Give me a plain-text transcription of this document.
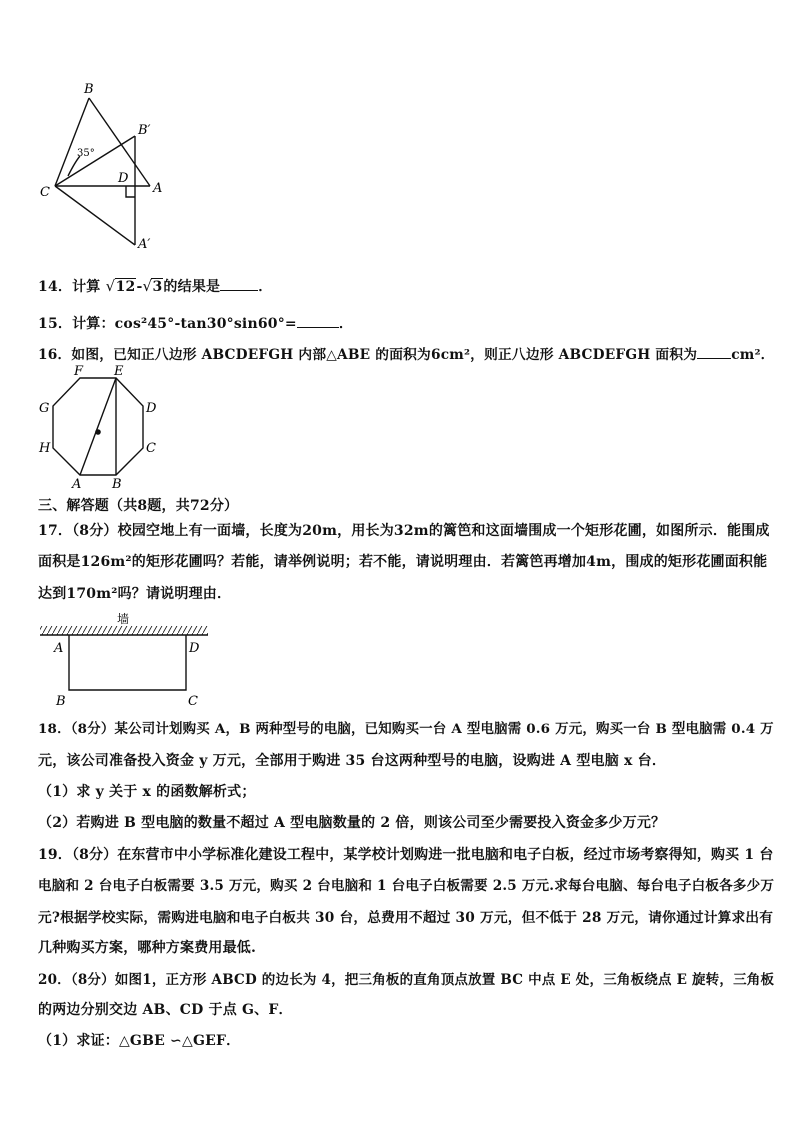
B
B′
C
D
A
A′
35°
14．计算 √ 12- √ 3的结果是	．
15．计算：cos²45°-tan30°sin60°=	．
16．如图，已知正八边形 ABCDEFGH 内部△ABE 的面积为6cm²，则正八边形 ABCDEFGH 面积为 cm²．
F E
G	D
H	C
A B
三、解答题（共8题，共72分）
17．（8分）校园空地上有一面墙，长度为20m，用长为32m的篱笆和这面墙围成一个矩形花圃，如图所示．能围成
面积是126m²的矩形花圃吗？若能，请举例说明；若不能，请说明理由．若篱笆再增加4m，围成的矩形花圃面积能
达到170m²吗？请说明理由．
墙
A	D
B	C
18．（8分）某公司计划购买 A，B 两种型号的电脑，已知购买一台 A 型电脑需 0.6 万元，购买一台 B 型电脑需 0.4 万
元，该公司准备投入资金 y 万元，全部用于购进 35 台这两种型号的电脑，设购进 A 型电脑 x 台．
（1）求 y 关于 x 的函数解析式；
（2）若购进 B 型电脑的数量不超过 A 型电脑数量的 2 倍，则该公司至少需要投入资金多少万元？
19．（8分）在东营市中小学标准化建设工程中，某学校计划购进一批电脑和电子白板，经过市场考察得知，购买 1 台
电脑和 2 台电子白板需要 3.5 万元，购买 2 台电脑和 1 台电子白板需要 2.5 万元.求每台电脑、每台电子白板各多少万
元?根据学校实际，需购进电脑和电子白板共 30 台，总费用不超过 30 万元，但不低于 28 万元，请你通过计算求出有
几种购买方案，哪种方案费用最低.
20．（8分）如图1，正方形 ABCD 的边长为 4，把三角板的直角顶点放置 BC 中点 E 处，三角板绕点 E 旋转，三角板
的两边分别交边 AB、CD 于点 G、F．
（1）求证：△GBE ∽△GEF．
